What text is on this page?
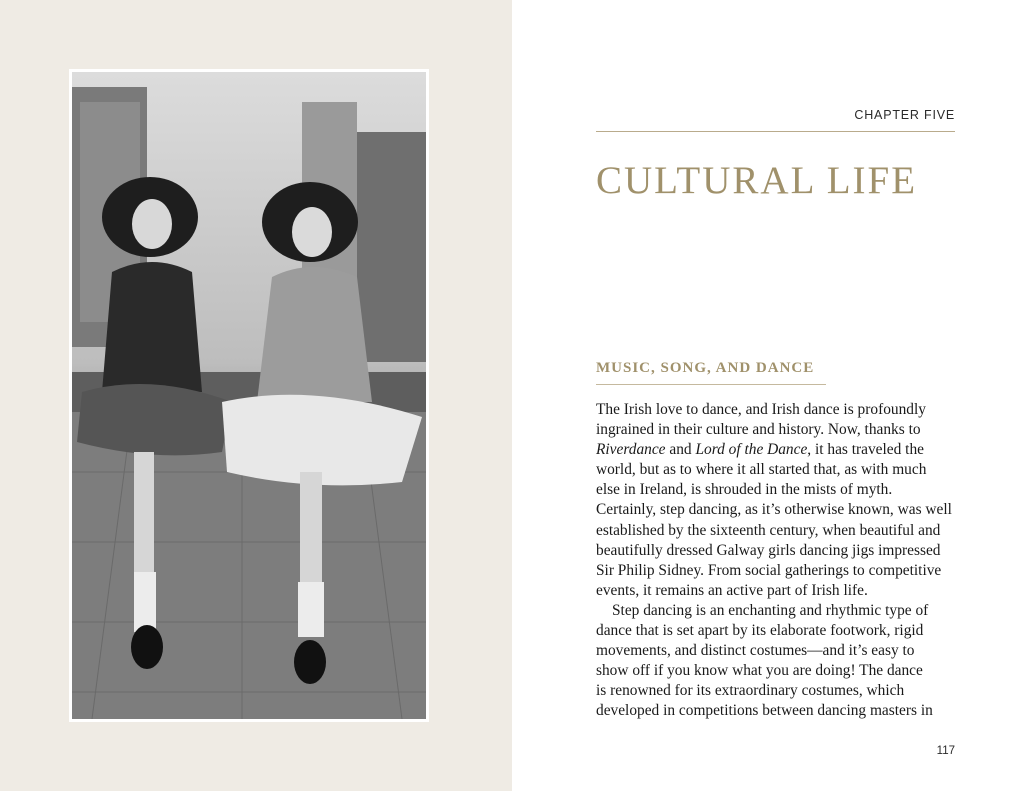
CHAPTER FIVE
CULTURAL LIFE
MUSIC, SONG, AND DANCE

The Irish love to dance, and Irish dance is profoundly
ingrained in their culture and history. Now, thanks to
Riverdance and Lord of the Dance, it has traveled the
world, but as to where it all started that, as with much
else in Ireland, is shrouded in the mists of myth.
Certainly, step dancing, as it’s otherwise known, was well
established by the sixteenth century, when beautiful and
beautifully dressed Galway girls dancing jigs impressed
Sir Philip Sidney. From social gatherings to competitive
events, it remains an active part of Irish life.

Step dancing is an enchanting and rhythmic type of
dance that is set apart by its elaborate footwork, rigid
movements, and distinct costumes—and it’s easy to
show off if you know what you are doing! The dance
is renowned for its extraordinary costumes, which
developed in competitions between dancing masters in

117
